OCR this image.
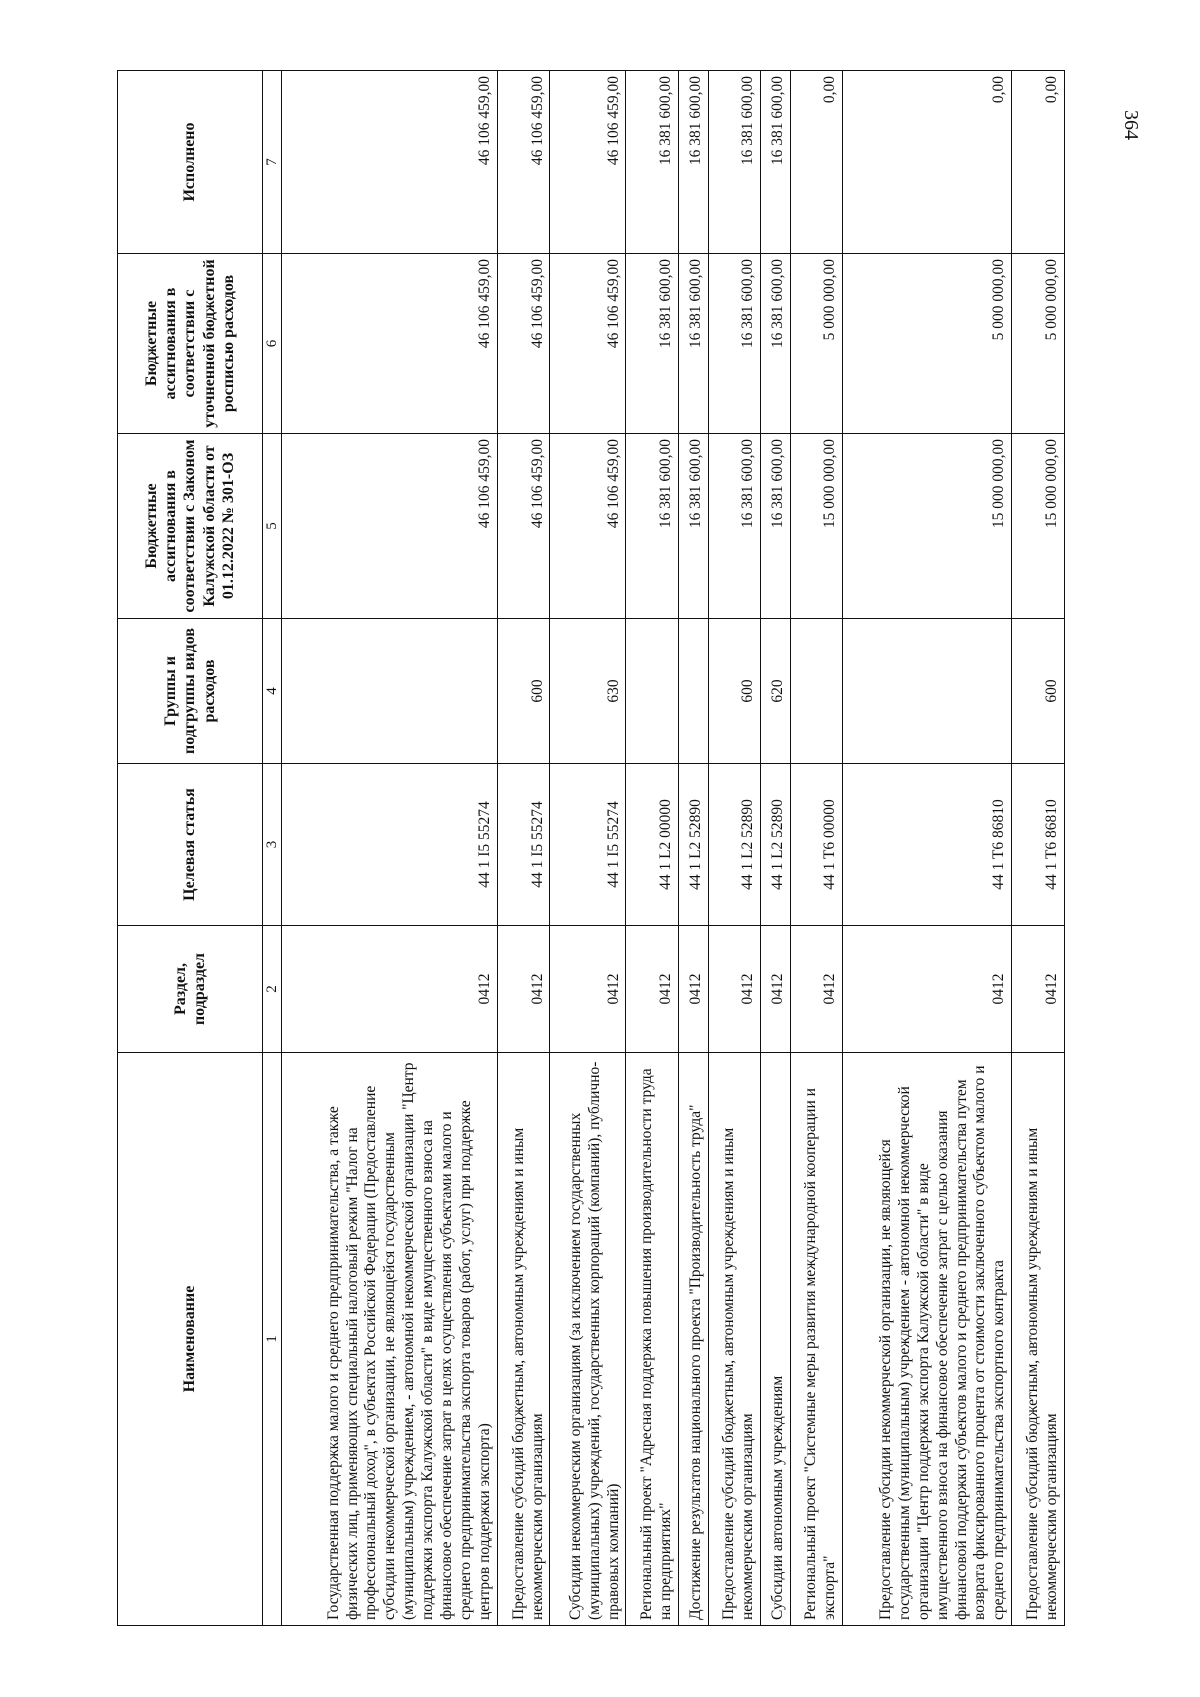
364
Наименование	Раздел, подраздел	Целевая статья	Группы и подгруппы видов расходов	Бюджетные ассигнования в соответствии с Законом Калужской области от 01.12.2022 № 301-ОЗ	Бюджетные ассигнования в соответствии с уточненной бюджетной росписью расходов	Исполнено
1	2	3	4	5	6	7
Государственная поддержка малого и среднего предпринимательства, а также физических лиц, применяющих специальный налоговый режим "Налог на профессиональный доход", в субъектах Российской Федерации (Предоставление субсидии некоммерческой организации, не являющейся государственным (муниципальным) учреждением, - автономной некоммерческой организации "Центр поддержки экспорта Калужской области" в виде имущественного взноса на финансовое обеспечение затрат в целях осуществления субъектами малого и среднего предпринимательства экспорта товаров (работ, услуг) при поддержке центров поддержки экспорта)	0412	44 1 I5 55274		46 106 459,00	46 106 459,00	46 106 459,00
Предоставление субсидий бюджетным, автономным учреждениям и иным некоммерческим организациям	0412	44 1 I5 55274	600	46 106 459,00	46 106 459,00	46 106 459,00
Субсидии некоммерческим организациям (за исключением государственных (муниципальных) учреждений, государственных корпораций (компаний), публично-правовых компаний)	0412	44 1 I5 55274	630	46 106 459,00	46 106 459,00	46 106 459,00
Региональный проект "Адресная поддержка повышения производительности труда на предприятиях"	0412	44 1 L2 00000		16 381 600,00	16 381 600,00	16 381 600,00
Достижение результатов национального проекта "Производительность труда"	0412	44 1 L2 52890		16 381 600,00	16 381 600,00	16 381 600,00
Предоставление субсидий бюджетным, автономным учреждениям и иным некоммерческим организациям	0412	44 1 L2 52890	600	16 381 600,00	16 381 600,00	16 381 600,00
Субсидии автономным учреждениям	0412	44 1 L2 52890	620	16 381 600,00	16 381 600,00	16 381 600,00
Региональный проект "Системные меры развития международной кооперации и экспорта"	0412	44 1 T6 00000		15 000 000,00	5 000 000,00	0,00
Предоставление субсидии некоммерческой организации, не являющейся государственным (муниципальным) учреждением - автономной некоммерческой организации "Центр поддержки экспорта Калужской области" в виде имущественного взноса на финансовое обеспечение затрат с целью оказания финансовой поддержки субъектов малого и среднего предпринимательства путем возврата фиксированного процента от стоимости заключенного субъектом малого и среднего предпринимательства экспортного контракта	0412	44 1 T6 86810		15 000 000,00	5 000 000,00	0,00
Предоставление субсидий бюджетным, автономным учреждениям и иным некоммерческим организациям	0412	44 1 T6 86810	600	15 000 000,00	5 000 000,00	0,00
